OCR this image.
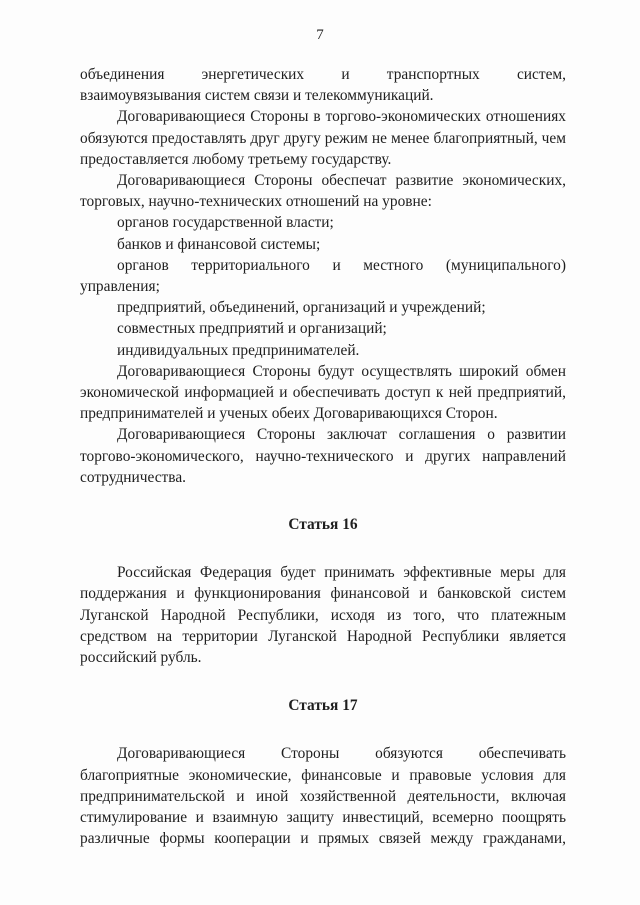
7

объединения энергетических и транспортных систем,

взаимоувязывания систем связи и телекоммуникаций.

Договаривающиеся Стороны в торгово-экономических отношениях обязуются предоставлять друг другу режим не менее благоприятный, чем предоставляется любому третьему государству.

Договаривающиеся Стороны обеспечат развитие экономических, торговых, научно-технических отношений на уровне:

органов государственной власти;

банков и финансовой системы;

органов территориального и местного (муниципального) управления;

предприятий, объединений, организаций и учреждений;

совместных предприятий и организаций;

индивидуальных предпринимателей.

Договаривающиеся Стороны будут осуществлять широкий обмен экономической информацией и обеспечивать доступ к ней предприятий, предпринимателей и ученых обеих Договаривающихся Сторон.

Договаривающиеся Стороны заключат соглашения о развитии торгово-экономического, научно-технического и других направлений сотрудничества.

Статья 16

Российская Федерация будет принимать эффективные меры для поддержания и функционирования финансовой и банковской систем Луганской Народной Республики, исходя из того, что платежным средством на территории Луганской Народной Республики является российский рубль.

Статья 17

Договаривающиеся Стороны обязуются обеспечивать благоприятные экономические, финансовые и правовые условия для предпринимательской и иной хозяйственной деятельности, включая стимулирование и взаимную защиту инвестиций, всемерно поощрять различные формы кооперации и прямых связей между гражданами,
